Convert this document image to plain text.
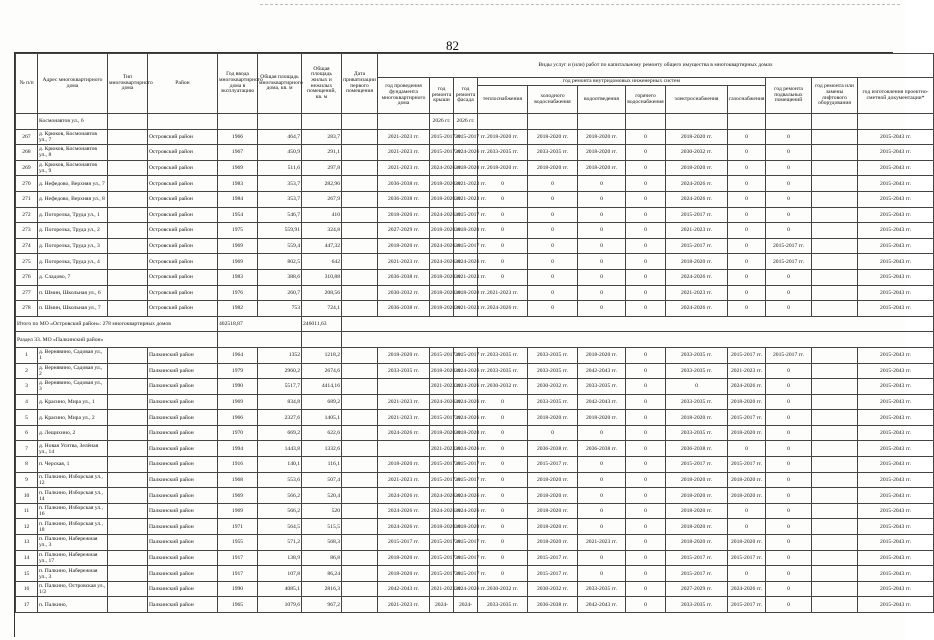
82
№ п/п	Адрес многоквартирного дома	Тип многоквартирного дома	Район	Год ввода многоквартирного дома в эксплуатацию	Общая площадь многоквартирного дома, кв. м	Общая площадь жилых и нежилых помещений, кв. м	Дата приватизации первого помещения	Виды услуг и (или) работ по капитальному ремонту общего имущества в многоквартирных домах											
								год проведения фундамента многоквартирного дома	год ремонта крыши	год ремонта фасада	год ремонта внутридомовых инженерных систем						год ремонта подвальных помещений	год ремонта или замены лифтового оборудования	год изготовления проектно-сметной документации*
											теплоснабжения	холодного водоснабжения	водоотведения	горячего водоснабжения	электроснабжения	газоснабжения			
	Космонавтов ул., 6								2026 гг.	2026 гг.									
267	д. Крюков, Космонавтов ул., 7		Островский район	1966	464,7	283,7		2021-2023 гг.	2015-2017 гг.	2015-2017 гг.	2018-2020 гг.	2018-2020 гг.	2018-2020 гг.	0	2018-2020 гг.	0	0		2015-2043 гг.
268	д. Крюков, Космонавтов ул., 8		Островский район	1967	450,9	291,1		2021-2023 гг.	2015-2017 гг.	2024-2026 гг.	2033-2035 гг.	2033-2035 гг.	2018-2020 гг.	0	2030-2032 гг.	0	0		2015-2043 гг.
269	д. Крюков, Космонавтов ул., 9		Островский район	1969	511,6	297,8		2021-2023 гг.	2024-2026 гг.	2018-2020 гг.	2018-2020 гг.	2018-2020 гг.	2018-2020 гг.	0	2018-2020 гг.	0	0		2015-2043 гг.
270	д. Нефедово, Верхняя ул., 7		Островский район	1983	353,7	282,96		2036-2038 гг.	2018-2020 гг.	2021-2023 гг.	0	0	0	0	2024-2026 гг.	0	0		2015-2043 гг.
271	д. Нефедово, Верхняя ул., 8		Островский район	1984	353,7	267,9		2036-2038 гг.	2018-2020 гг.	2021-2023 гг.	0	0	0	0	2024-2026 гг.	0	0		2015-2043 гг.
272	д. Погорелка, Труда ул., 1		Островский район	1954	546,7	410		2018-2020 гг.	2024-2026 гг.	2015-2017 гг.	0	0	0	0	2015-2017 гг.	0	0		2015-2043 гг.
273	д. Погорелка, Труда ул., 2		Островский район	1975	559,91	324,8		2027-2029 гг.	2018-2020 гг.	2018-2020 гг.	0	0	0	0	2021-2023 гг.	0	0		2015-2043 гг.
274	д. Погорелка, Труда ул., 3		Островский район	1969	559,4	447,32		2018-2020 гг.	2024-2026 гг.	2015-2017 гг.	0	0	0	0	2015-2017 гг.	0	2015-2017 гг.		2015-2043 гг.
275	д. Погорелка, Труда ул., 4		Островский район	1969	802,5	642		2021-2023 гг.	2024-2026 гг.	2024-2026 гг.	0	0	0	0	2018-2020 гг.	0	2015-2017 гг.		2015-2043 гг.
276	д. Сладово, 7		Островский район	1983	388,6	310,88		2036-2038 гг.	2018-2020 гг.	2021-2023 гг.	0	0	0	0	2024-2026 гг.	0	0		2015-2043 гг.
277	п. Шмин, Школьная ул., 6		Островский район	1976	260,7	208,56		2030-2032 гг.	2018-2020 гг.	2018-2020 гг.	2021-2023 гг.	0	0	0	2021-2023 гг.	0	0		2015-2043 гг.
278	п. Шмин, Школьная ул., 7		Островский район	1982	753	724,1		2036-2038 гг.	2018-2020 гг.	2021-2023 гг.	2024-2026 гг.	0	0	0	2024-2026 гг.	0	0		2015-2043 гг.
Итого по МО «Островский район»: 278 многоквартирных домов				402518,87		246011,63													
Раздел 33. МО «Палкинский район»																			
1	д. Вернявино, Садовая ул., 1		Палкинский район	1964	1352	1218,2		2018-2020 гг.	2015-2017 гг.	2015-2017 гг.	2033-2035 гг.	2033-2035 гг.	2018-2020 гг.	0	2033-2035 гг.	2015-2017 гг.	2015-2017 гг.		2015-2043 гг.
2	д. Вернявино, Садовая ул., 2		Палкинский район	1979	2960,2	2674,6		2033-2035 гг.	2018-2020 гг.	2024-2026 гг.	2033-2035 гг.	2033-2035 гг.	2042-2043 гг.	0	2033-2035 гг.	2021-2023 гг.	0		2015-2043 гг.
3	д. Вернявино, Садовая ул., 3		Палкинский район	1990	5517,7	4414,16			2021-2023 гг.	2024-2026 гг.	2030-2032 гг.	2030-2032 гг.	2033-2035 гг.	0	0	2024-2026 гг.	0		2015-2043 гг.
4	д. Красино, Мира ул., 1		Палкинский район	1969	834,8	689,2		2021-2023 гг.	2024-2026 гг.	2024-2026 гг.	0	2033-2035 гг.	2042-2043 гг.	0	2033-2035 гг.	2018-2020 гг.	0		2015-2043 гг.
5	д. Красино, Мира ул., 2		Палкинский район	1966	2327,6	1405,1		2021-2023 гг.	2015-2017 гг.	2024-2026 гг.	0	2018-2020 гг.	2018-2020 гг.	0	2018-2020 гг.	2015-2017 гг.	0		2015-2043 гг.
6	д. Лещихино, 2		Палкинский район	1970	669,2	622,6		2024-2026 гг.	2018-2020 гг.	2018-2020 гг.	0	0	0	0	2033-2035 гг.	2018-2020 гг.	0		2015-2043 гг.
7	д. Новая Уситва, Зелёная ул., 14		Палкинский район	1994	1443,8	1332,6			2021-2023 гг.	2024-2026 гг.	0	2036-2038 гг.	2036-2038 гг.	0	2036-2038 гг.	0	0		2015-2043 гг.
8	п. Черская, 1		Палкинский район	1916	140,1	116,1		2018-2020 гг.	2015-2017 гг.	2015-2017 гг.	0	2015-2017 гг.	0	0	2015-2017 гг.	2015-2017 гг.	0		2015-2043 гг.
9	п. Палкино, Изборская ул., 12		Палкинский район	1968	553,6	507,4		2021-2023 гг.	2015-2017 гг.	2015-2017 гг.	0	2018-2020 гг.	0	0	2018-2020 гг.	2018-2020 гг.	0		2015-2043 гг.
10	п. Палкино, Изборская ул., 14		Палкинский район	1969	566,2	520,4		2024-2026 гг.	2024-2026 гг.	2024-2026 гг.	0	2018-2020 гг.	0	0	2018-2020 гг.	2018-2020 гг.	0		2015-2043 гг.
11	п. Палкино, Изборская ул., 16		Палкинский район	1969	566,2	520		2024-2026 гг.	2024-2026 гг.	2024-2026 гг.	0	2018-2020 гг.	0	0	2018-2020 гг.	0	0		2015-2043 гг.
12	п. Палкино, Изборская ул., 18		Палкинский район	1971	564,5	515,5		2024-2026 гг.	2018-2020 гг.	2018-2020 гг.	0	2018-2020 гг.	0	0	2018-2020 гг.	0	0		2015-2043 гг.
13	п. Палкино, Набережная ул., 3		Палкинский район	1955	571,2	568,3		2015-2017 гг.	2015-2017 гг.	2015-2017 гг.	0	2018-2020 гг.	2021-2023 гг.	0	2018-2020 гг.	2018-2020 гг.	0		2015-2043 гг.
14	п. Палкино, Набережная ул., 17		Палкинский район	1917	138,9	86,8		2018-2020 гг.	2015-2017 гг.	2015-2017 гг.	0	2015-2017 гг.	0	0	2015-2017 гг.	2015-2017 гг.	0		2015-2043 гг.
15	п. Палкино, Набережная ул., 3		Палкинский район	1917	107,8	86,24		2018-2020 гг.	2015-2017 гг.	2015-2017 гг.	0	2015-2017 гг.	0	0	2015-2017 гг.	0	0		2015-2043 гг.
16	п. Палкино, Островская ул., 1/2		Палкинский район	1990	4085,1	2816,3		2042-2043 гг.	2021-2023 гг.	2024-2026 гг.	2030-2032 гг.	2030-2032 гг.	2033-2035 гг.	0	2027-2029 гг.	2024-2026 гг.	0		2015-2043 гг.
17	п. Палкино,		Палкинский район	1965	1079,6	967,2		2021-2023 гг.	2024-	2024-	2033-2035 гг.	2036-2038 гг.	2042-2043 гг.	0	2033-2035 гг.	2015-2017 гг.	0		2015-2043 гг.
